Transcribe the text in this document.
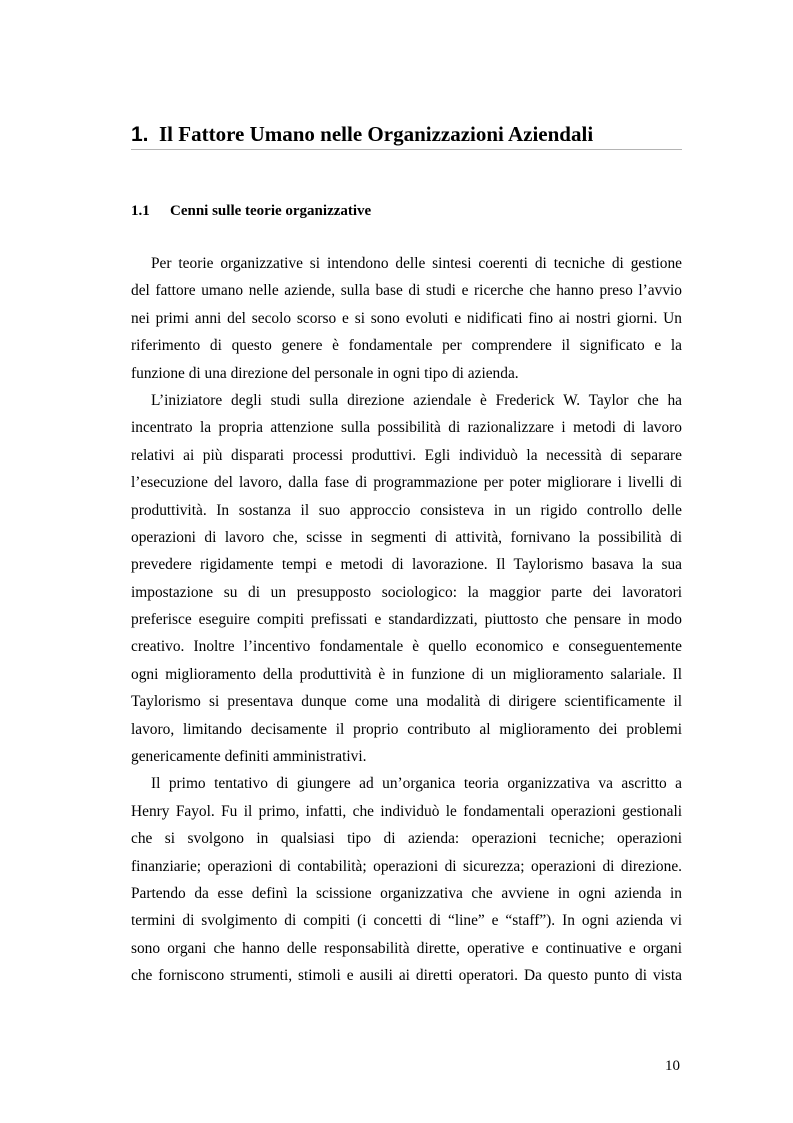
1. Il Fattore Umano nelle Organizzazioni Aziendali
1.1 Cenni sulle teorie organizzative
Per teorie organizzative si intendono delle sintesi coerenti di tecniche di gestione
del fattore umano nelle aziende, sulla base di studi e ricerche che hanno preso l’avvio
nei primi anni del secolo scorso e si sono evoluti e nidificati fino ai nostri giorni. Un
riferimento di questo genere è fondamentale per comprendere il significato e la
funzione di una direzione del personale in ogni tipo di azienda.
L’iniziatore degli studi sulla direzione aziendale è Frederick W. Taylor che ha
incentrato la propria attenzione sulla possibilità di razionalizzare i metodi di lavoro
relativi ai più disparati processi produttivi. Egli individuò la necessità di separare
l’esecuzione del lavoro, dalla fase di programmazione per poter migliorare i livelli di
produttività. In sostanza il suo approccio consisteva in un rigido controllo delle
operazioni di lavoro che, scisse in segmenti di attività, fornivano la possibilità di
prevedere rigidamente tempi e metodi di lavorazione. Il Taylorismo basava la sua
impostazione su di un presupposto sociologico: la maggior parte dei lavoratori
preferisce eseguire compiti prefissati e standardizzati, piuttosto che pensare in modo
creativo. Inoltre l’incentivo fondamentale è quello economico e conseguentemente
ogni miglioramento della produttività è in funzione di un miglioramento salariale. Il
Taylorismo si presentava dunque come una modalità di dirigere scientificamente il
lavoro, limitando decisamente il proprio contributo al miglioramento dei problemi
genericamente definiti amministrativi.
Il primo tentativo di giungere ad un’organica teoria organizzativa va ascritto a
Henry Fayol. Fu il primo, infatti, che individuò le fondamentali operazioni gestionali
che si svolgono in qualsiasi tipo di azienda: operazioni tecniche; operazioni
finanziarie; operazioni di contabilità; operazioni di sicurezza; operazioni di direzione.
Partendo da esse definì la scissione organizzativa che avviene in ogni azienda in
termini di svolgimento di compiti (i concetti di “line” e “staff”). In ogni azienda vi
sono organi che hanno delle responsabilità dirette, operative e continuative e organi
che forniscono strumenti, stimoli e ausili ai diretti operatori. Da questo punto di vista
10
